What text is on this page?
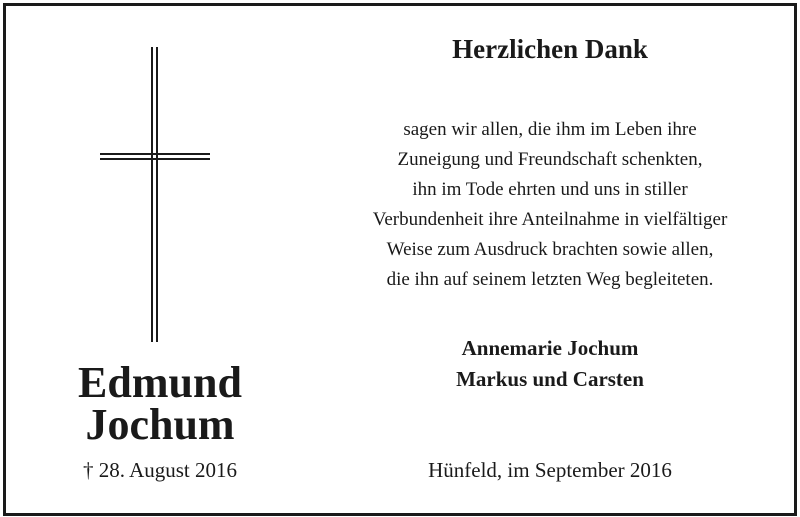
Edmund
Jochum
† 28. August 2016
Herzlichen Dank
sagen wir allen, die ihm im Leben ihre
Zuneigung und Freundschaft schenkten,
ihn im Tode ehrten und uns in stiller
Verbundenheit ihre Anteilnahme in vielfältiger
Weise zum Ausdruck brachten sowie allen,
die ihn auf seinem letzten Weg begleiteten.
Annemarie Jochum
Markus und Carsten
Hünfeld, im September 2016
